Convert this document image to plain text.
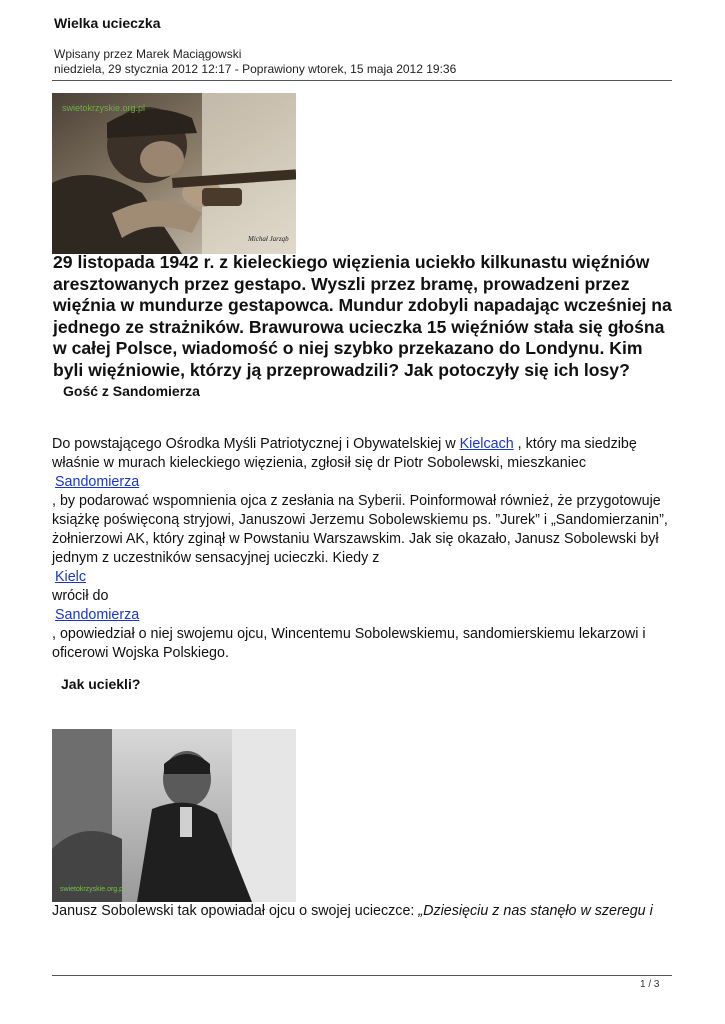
Wielka ucieczka
Wpisany przez Marek Maciągowski
niedziela, 29 stycznia 2012 12:17 - Poprawiony wtorek, 15 maja 2012 19:36
swietokrzyskie.org.pl
Michał Jarząb
29 listopada 1942 r. z kieleckiego więzienia uciekło kilkunastu więźniów aresztowanych przez gestapo. Wyszli przez bramę, prowadzeni przez więźnia w mundurze gestapowca. Mundur zdobyli napadając wcześniej na jednego ze strażników. Brawurowa ucieczka 15 więźniów stała się głośna w całej Polsce, wiadomość o niej szybko przekazano do Londynu. Kim byli więźniowie, którzy ją przeprowadzili? Jak potoczyły się ich losy?
Gość z Sandomierza

Do powstającego Ośrodka Myśli Patriotycznej i Obywatelskiej w Kielcach , który ma siedzibę właśnie w murach kieleckiego więzienia, zgłosił się dr Piotr Sobolewski, mieszkaniec

Sandomierza

, by podarować wspomnienia ojca z zesłania na Syberii. Poinformował również, że przygotowuje książkę poświęconą stryjowi, Januszowi Jerzemu Sobolewskiemu ps. ”Jurek” i „Sandomierzanin”, żołnierzowi AK, który zginął w Powstaniu Warszawskim. Jak się okazało, Janusz Sobolewski był jednym z uczestników sensacyjnej ucieczki. Kiedy z

Kielc

wrócił do

Sandomierza

, opowiedział o niej swojemu ojcu, Wincentemu Sobolewskiemu, sandomierskiemu lekarzowi i oficerowi Wojska Polskiego.

Jak uciekli?
swietokrzyskie.org.pl
Janusz Sobolewski tak opowiadał ojcu o swojej ucieczce: „Dziesięciu z nas stanęło w szeregu i
1 / 3
